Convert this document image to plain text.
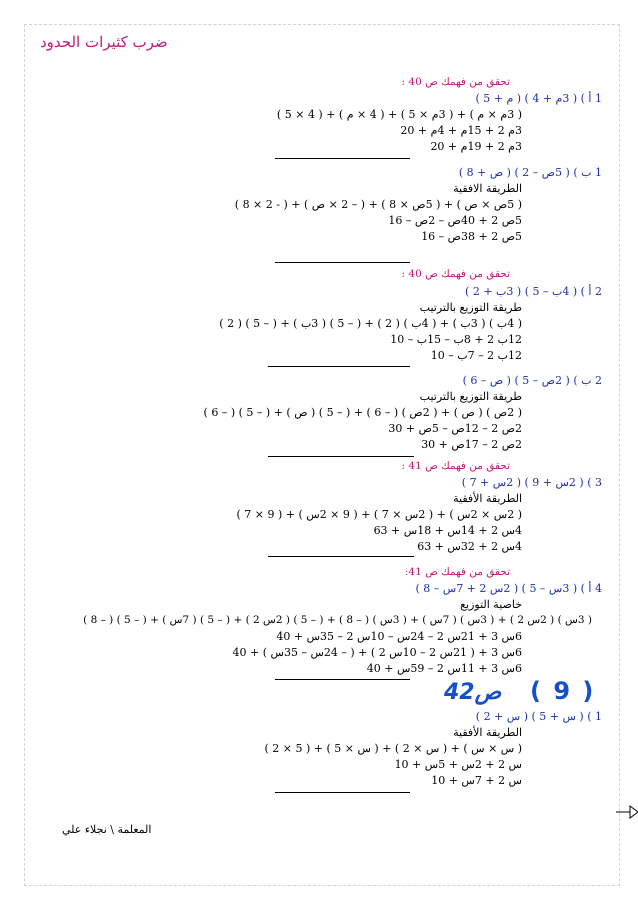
ضرب كثيرات الحدود
تحقق من فهمك ص 40 :
1 أ ) ( 3م + 4 ) ( م + 5 )
( 3م × م ) + ( 3م × 5 ) + ( 4 × م ) + ( 4 × 5 )
3م 2 + 15م + 4م + 20
3م 2 + 19م + 20
1 ب ) ( 5ص – 2 ) ( ص + 8 )
الطريقة الافقية
( 5ص × ص ) + ( 5ص × 8 ) + ( – 2 × ص ) + ( - 2 × 8 )
5ص 2 + 40ص – 2ص – 16
5ص 2 + 38ص – 16
تحقق من فهمك ص 40 :
2 أ ) ( 4ب – 5 ) ( 3ب + 2 )
طريقة التوزيع بالترتيب
( 4ب ) ( 3ب ) + ( 4ب ) ( 2 ) + ( – 5 ) ( 3ب ) + ( – 5 ) ( 2 )
12ب 2 + 8ب – 15ب – 10
12ب 2 – 7ب – 10
2 ب ) ( 2ص – 5 ) ( ص – 6 )
طريقة التوزيع بالترتيب
( 2ص ) ( ص ) + ( 2ص ) ( – 6 ) + ( – 5 ) ( ص ) + ( – 5 ) ( – 6 )
2ص 2 – 12ص – 5ص + 30
2ص 2 – 17ص + 30
تحقق من فهمك ص 41 :
3 ) ( 2س + 9 ) ( 2س + 7 )
الطريقة الأفقية
( 2س × 2س ) + ( 2س × 7 ) + ( 9 × 2س ) + ( 9 × 7 )
4س 2 + 14س + 18س + 63
4س 2 + 32س + 63
تحقق من فهمك ص 41:
4 أ ) ( 3س – 5 ) ( 2س 2 + 7س – 8 )
خاصية التوزيع
( 3س ) ( 2س 2 ) + ( 3س ) ( 7س ) + ( 3س ) ( – 8 ) + ( – 5 ) ( 2س 2 ) + ( – 5 ) ( 7س ) + ( – 5 ) ( – 8 )
6س 3 + 21س 2 – 24س – 10س 2 – 35س + 40
6س 3 + ( 21س 2 – 10س 2 ) + ( – 24س – 35س ) + 40
6س 3 + 11س 2 – 59س + 40
ص42 ( 9 )
1 ) ( س + 5 ) ( س + 2 )
الطريقة الأفقية
( س × س ) + ( س × 2 ) + ( س × 5 ) + ( 5 × 2 )
س 2 + 2س + 5س + 10
س 2 + 7س + 10
المعلمة \ نجلاء علي
